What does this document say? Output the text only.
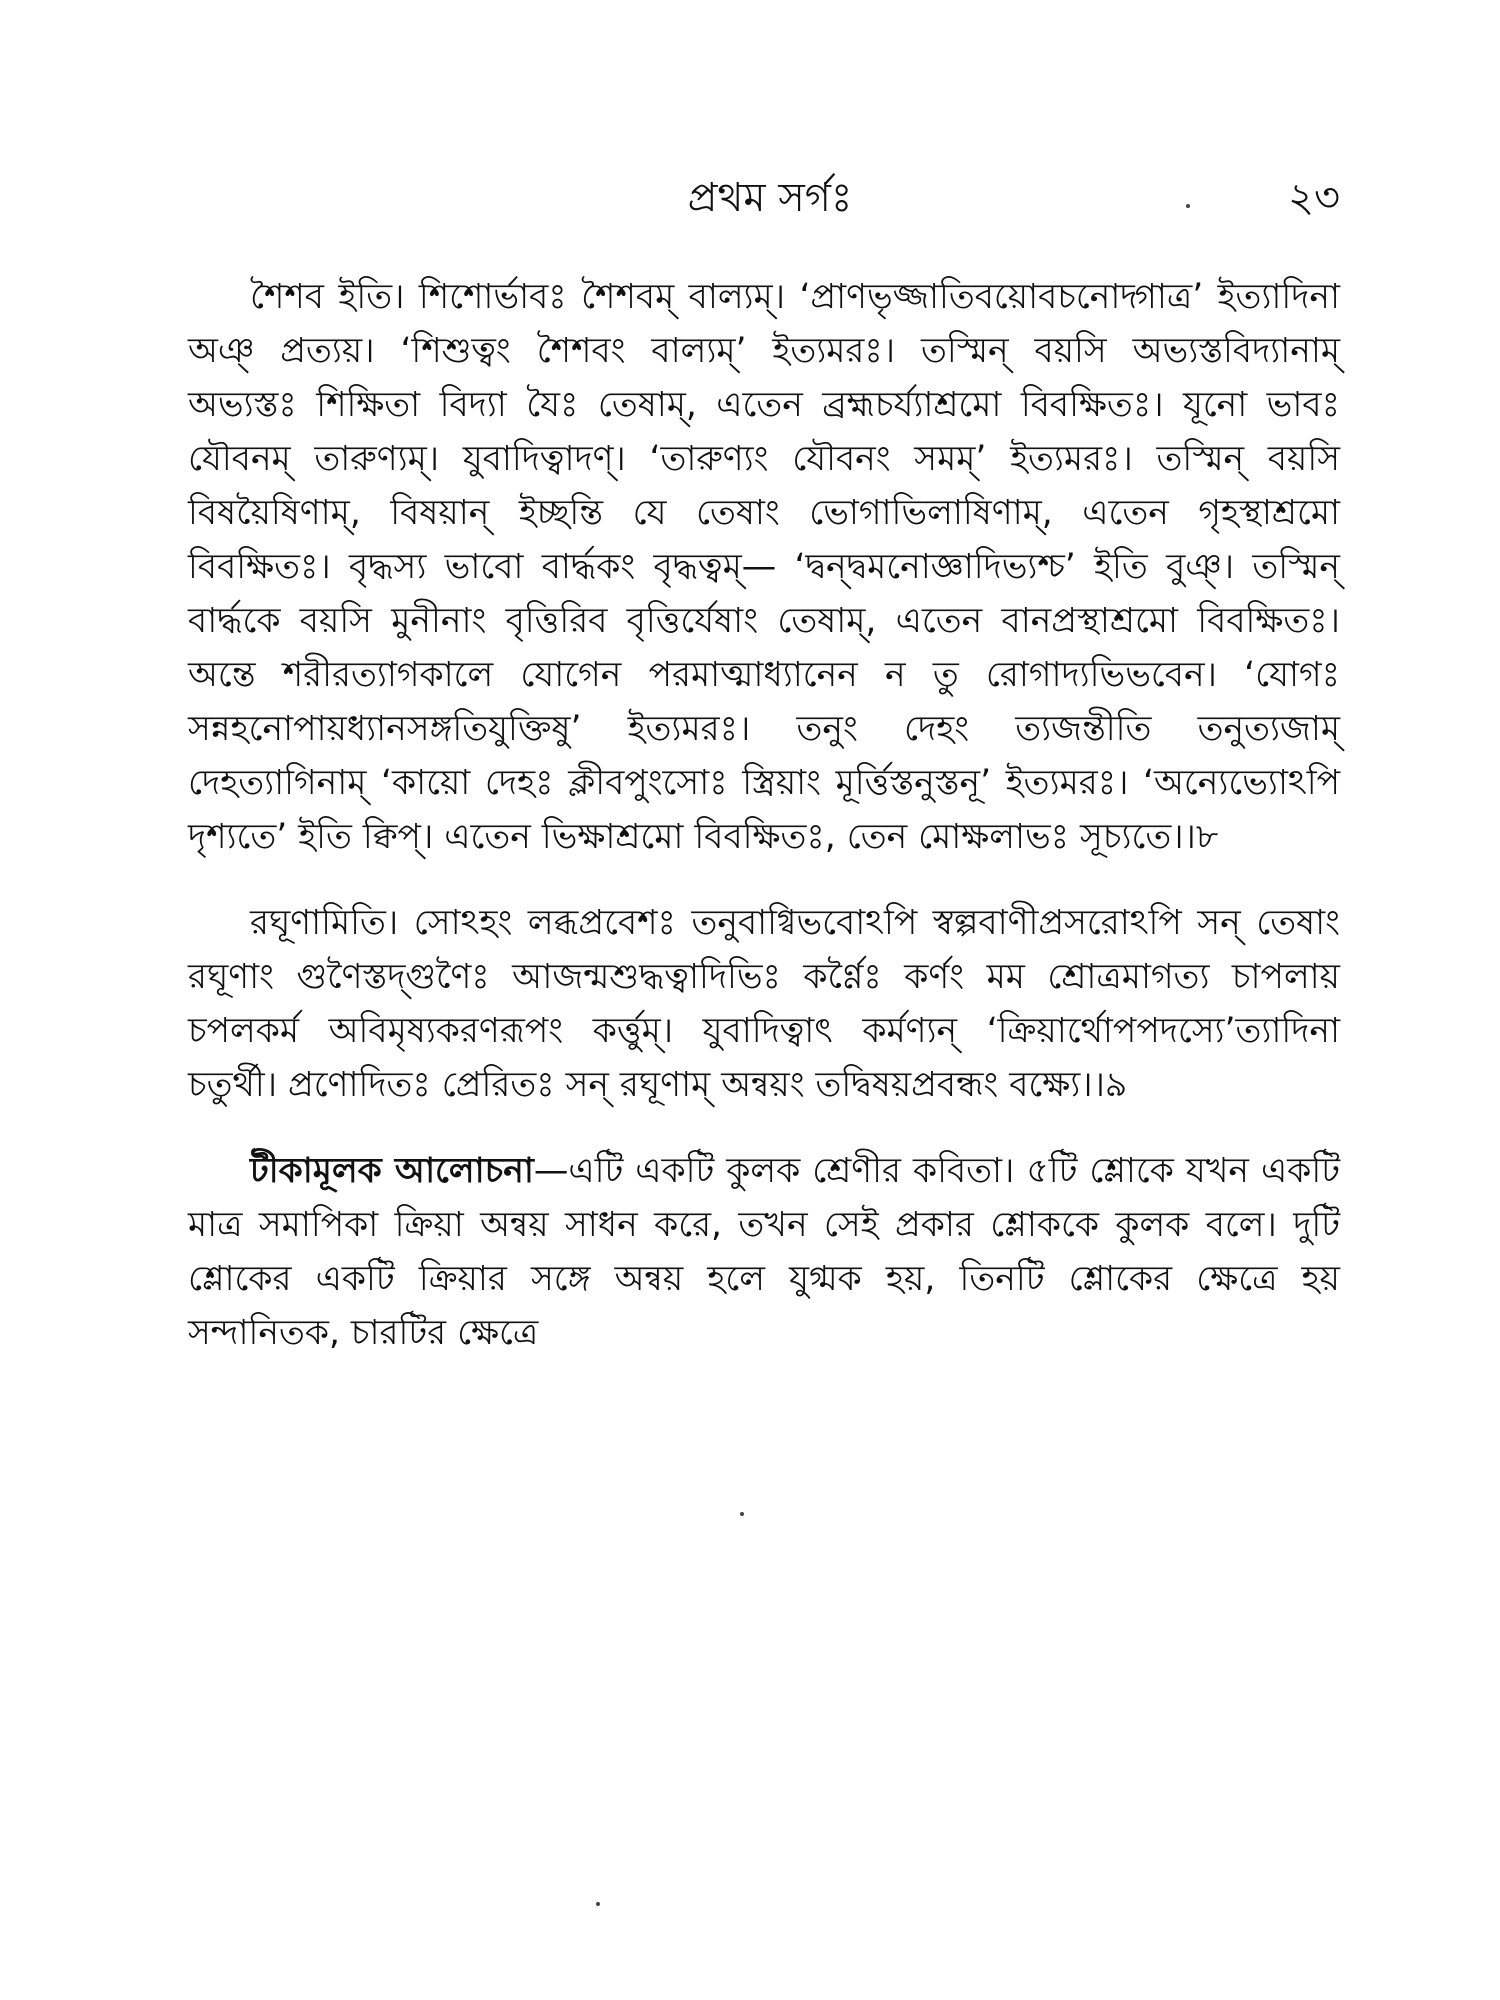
প্রথম সর্গঃ	২৩

শৈশব ইতি। শিশোর্ভাবঃ শৈশবম্ বাল্যম্। ‘প্রাণভৃজ্জাতিবয়োবচনোদ্গাত্র’ ইত্যাদিনা অঞ্ প্রত্যয়। ‘শিশুত্বং শৈশবং বাল্যম্’ ইত্যমরঃ। তস্মিন্ বয়সি অভ্যস্তবিদ্যানাম্ অভ্যস্তঃ শিক্ষিতা বিদ্যা যৈঃ তেষাম্, এতেন ব্রহ্মচর্য্যাশ্রমো বিবক্ষিতঃ। যূনো ভাবঃ যৌবনম্ তারুণ্যম্। যুবাদিত্বাদণ্। ‘তারুণ্যং যৌবনং সমম্’ ইত্যমরঃ। তস্মিন্ বয়সি বিষয়ৈষিণাম্, বিষয়ান্ ইচ্ছন্তি যে তেষাং ভোগাভিলাষিণাম্, এতেন গৃহস্থাশ্রমো বিবক্ষিতঃ। বৃদ্ধস্য ভাবো বার্দ্ধকং বৃদ্ধত্বম্— ‘দ্বন্দ্বমনোজ্ঞাদিভ্যশ্চ’ ইতি বুঞ্। তস্মিন্ বার্দ্ধকে বয়সি মুনীনাং বৃত্তিরিব বৃত্তির্যেষাং তেষাম্, এতেন বানপ্রস্থাশ্রমো বিবক্ষিতঃ। অন্তে শরীরত্যাগকালে যোগেন পরমাত্মাধ্যানেন ন তু রোগাদ্যভিভবেন। ‘যোগঃ সন্নহনোপায়ধ্যানসঙ্গতিযুক্তিষু’ ইত্যমরঃ। তনুং দেহং ত্যজন্তীতি তনুত্যজাম্ দেহত্যাগিনাম্ ‘কায়ো দেহঃ ক্লীবপুংসোঃ স্ত্রিয়াং মূর্ত্তিস্তনুস্তনূ’ ইত্যমরঃ। ‘অন্যেভ্যোঽপি দৃশ্যতে’ ইতি ক্বিপ্। এতেন ভিক্ষাশ্রমো বিবক্ষিতঃ, তেন মোক্ষলাভঃ সূচ্যতে।।৮

রঘূণামিতি। সোঽহং লব্ধপ্রবেশঃ তনুবাগ্বিভবোঽপি স্বল্পবাণীপ্রসরোঽপি সন্ তেষাং রঘূণাং গুণৈস্তদ্গুণৈঃ আজন্মশুদ্ধত্বাদিভিঃ কর্ণ্ণৈঃ কর্ণং মম শ্রোত্রমাগত্য চাপলায় চপলকর্ম অবিমৃষ্যকরণরূপং কর্ত্তুম্। যুবাদিত্বাৎ কর্মণ্যন্ ‘ক্রিয়ার্থোপপদস্যে’ত্যাদিনা চতুর্থী। প্রণোদিতঃ প্রেরিতঃ সন্ রঘূণাম্ অন্বয়ং তদ্বিষয়প্রবন্ধং বক্ষ্যে।।৯

টীকামূলক আলোচনা—এটি একটি কুলক শ্রেণীর কবিতা। ৫টি শ্লোকে যখন একটি মাত্র সমাপিকা ক্রিয়া অন্বয় সাধন করে, তখন সেই প্রকার শ্লোককে কুলক বলে। দুটি শ্লোকের একটি ক্রিয়ার সঙ্গে অন্বয় হলে যুগ্মক হয়, তিনটি শ্লোকের ক্ষেত্রে হয় সন্দানিতক, চারটির ক্ষেত্রে
